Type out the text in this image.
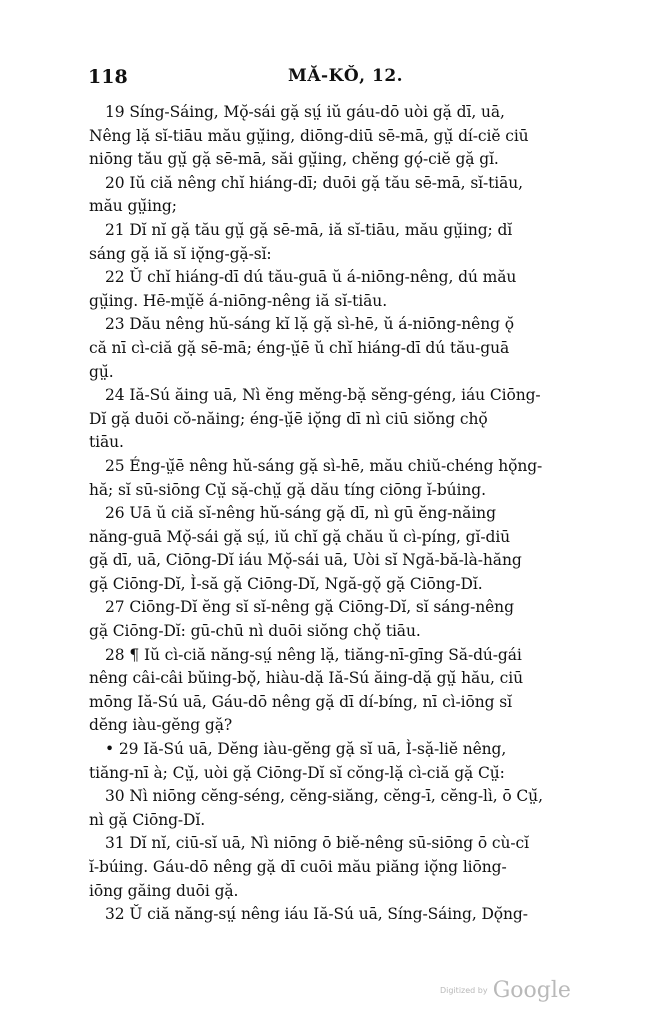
118	MĂ-KǑ, 12.
19 Síng-Sáing, Mǫ̆-sái gặ sṳ́ iŭ gáu-dō uòi gặ dī, uā,
Nêng lặ sĭ-tiāu mău gṳ̆ing, diōng-diū sē-mā, gṳ̆ dí-ciĕ ciū
niōng tău gṳ̆ gặ sē-mā, săi gṳ̆ing, chĕng gǫ́-ciĕ gặ gĭ.
20 Iŭ ciă nêng chĭ hiáng-dī; duōi gặ tău sē-mā, sĭ-tiāu,
mău gṳ̆ing;
21 Dĭ nĭ gặ tău gṳ̆ gặ sē-mā, iă sĭ-tiāu, mău gṳ̆ing; dĭ
sáng gặ iă sĭ iǫ̆ng-gặ-sĭ:
22 Ŭ chĭ hiáng-dī dú tău-guā ŭ á-niōng-nêng, dú mău
gṳ̆ing. Hē-mṳ̆ĕ á-niōng-nêng iă sĭ-tiāu.
23 Dău nêng hŭ-sáng kĭ lặ gặ sì-hē, ŭ á-niōng-nêng ǫ̆
că nī cì-ciă gặ sē-mā; éng-ṳ̆ē ŭ chĭ hiáng-dī dú tău-guā
gṳ̆.
24 Iă-Sú ăing uā, Nì ĕng mĕng-bặ sĕng-géng, iáu Ciōng-
Dĭ gặ duōi cŏ-năing; éng-ṳ̆ē iǫ̆ng dī nì ciū siŏng chǫ̆
tiāu.
25 Éng-ṳ̆ē nêng hŭ-sáng gặ sì-hē, mău chiŭ-chéng hǫ̆ng-
hă; sĭ sū-siōng Cṳ̆ sặ-chṳ̆ gặ dău tíng ciōng ĭ-búing.
26 Uā ŭ ciă sĭ-nêng hŭ-sáng gặ dī, nì gū ĕng-năing
năng-guā Mǫ̆-sái gặ sṳ́, iŭ chĭ gặ chău ŭ cì-píng, gĭ-diū
gặ dī, uā, Ciōng-Dĭ iáu Mǫ̆-sái uā, Uòi sĭ Ngă-bă-là-hăng
gặ Ciōng-Dĭ, Ì-să gặ Ciōng-Dĭ, Ngă-gǫ̆ gặ Ciōng-Dĭ.
27 Ciōng-Dĭ ĕng sĭ sĭ-nêng gặ Ciōng-Dĭ, sĭ sáng-nêng
gặ Ciōng-Dĭ: gū-chū nì duōi siŏng chǫ̆ tiāu.
28 ¶ Iŭ cì-ciă năng-sṳ́ nêng lặ, tiăng-nī-gīng Să-dú-gái
nêng câi-câi bŭing-bǫ̆, hiàu-dặ Iă-Sú ăing-dặ gṳ̆ hău, ciū
mōng Iă-Sú uā, Gáu-dō nêng gặ dī dí-bíng, nī cì-iōng sĭ
dĕng iàu-gĕng gặ?
• 29 Iă-Sú uā, Dĕng iàu-gĕng gặ sĭ uā, Ì-sặ-liĕ nêng,
tiăng-nī à; Cṳ̆, uòi gặ Ciōng-Dĭ sĭ cŏng-lặ cì-ciă gặ Cṳ̆:
30 Nì niōng cĕng-séng, cĕng-siăng, cĕng-ī, cĕng-lì, ō Cṳ̆,
nì gặ Ciōng-Dĭ.
31 Dĭ nĭ, ciū-sĭ uā, Nì niōng ō biĕ-nêng sū-siōng ō cù-cĭ
ĭ-búing. Gáu-dō nêng gặ dī cuōi mău piăng iǫ̆ng liōng-
iōng găing duōi gặ.
32 Ŭ ciă năng-sṳ́ nêng iáu Iă-Sú uā, Síng-Sáing, Dǫ̆ng-
Digitized by Google
